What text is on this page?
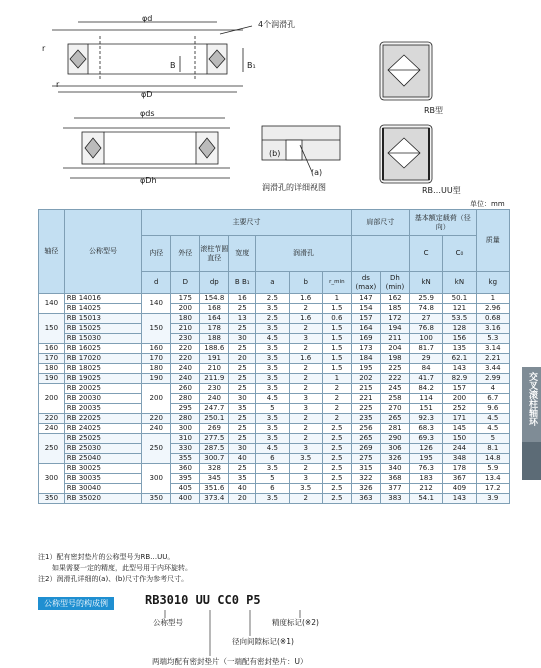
φd
4个润滑孔
B	B₁
r
r
φD
RB型
φds
φDh
(b)
(a)
润滑孔的详细视图	RB…UU型
单位：mm
交叉滚柱轴环
轴径	公称型号	主要尺寸							肩部尺寸		基本额定载荷（径向）		质量
		内径	外径	滚柱节圆直径	宽度	润滑孔					C	C₀	
		d	D	dp	B B₁	a	b	r_min	ds (max)	Dh (min)	kN	kN	kg
140	RB 14016	140	175	154.8	16	2.5	1.6	1	147	162	25.9	50.1	1
	RB 14025		200	168	25	3.5	2	1.5	154	185	74.8	121	2.96
150	RB 15013	150	180	164	13	2.5	1.6	0.6	157	172	27	53.5	0.68
	RB 15025		210	178	25	3.5	2	1.5	164	194	76.8	128	3.16
	RB 15030		230	188	30	4.5	3	1.5	169	211	100	156	5.3
160	RB 16025	160	220	188.6	25	3.5	2	1.5	173	204	81.7	135	3.14
170	RB 17020	170	220	191	20	3.5	1.6	1.5	184	198	29	62.1	2.21
180	RB 18025	180	240	210	25	3.5	2	1.5	195	225	84	143	3.44
190	RB 19025	190	240	211.9	25	3.5	2	1	202	222	41.7	82.9	2.99
200	RB 20025	200	260	230	25	3.5	2	2	215	245	84.2	157	4
	RB 20030		280	240	30	4.5	3	2	221	258	114	200	6.7
	RB 20035		295	247.7	35	5	3	2	225	270	151	252	9.6
220	RB 22025	220	280	250.1	25	3.5	2	2	235	265	92.3	171	4.5
240	RB 24025	240	300	269	25	3.5	2	2.5	256	281	68.3	145	4.5
250	RB 25025	250	310	277.5	25	3.5	2	2.5	265	290	69.3	150	5
	RB 25030		330	287.5	30	4.5	3	2.5	269	306	126	244	8.1
	RB 25040		355	300.7	40	6	3.5	2.5	275	326	195	348	14.8
300	RB 30025	300	360	328	25	3.5	2	2.5	315	340	76.3	178	5.9
	RB 30035		395	345	35	5	3	2.5	322	368	183	367	13.4
	RB 30040		405	351.6	40	6	3.5	2.5	326	377	212	409	17.2
350	RB 35020	350	400	373.4	20	3.5	2	2.5	363	383	54.1	143	3.9
注1）配有密封垫片的公称型号为RB…UU。
　　如果需要一定的精度，此型号用于内环旋转。
注2）润滑孔详细的(a)、(b)尺寸作为参考尺寸。
公称型号的构成例	RB3010 UU CC0 P5
公称型号	精度标记(※2)
径向间隙标记(※1)
两端均配有密封垫片（一端配有密封垫片：U）
